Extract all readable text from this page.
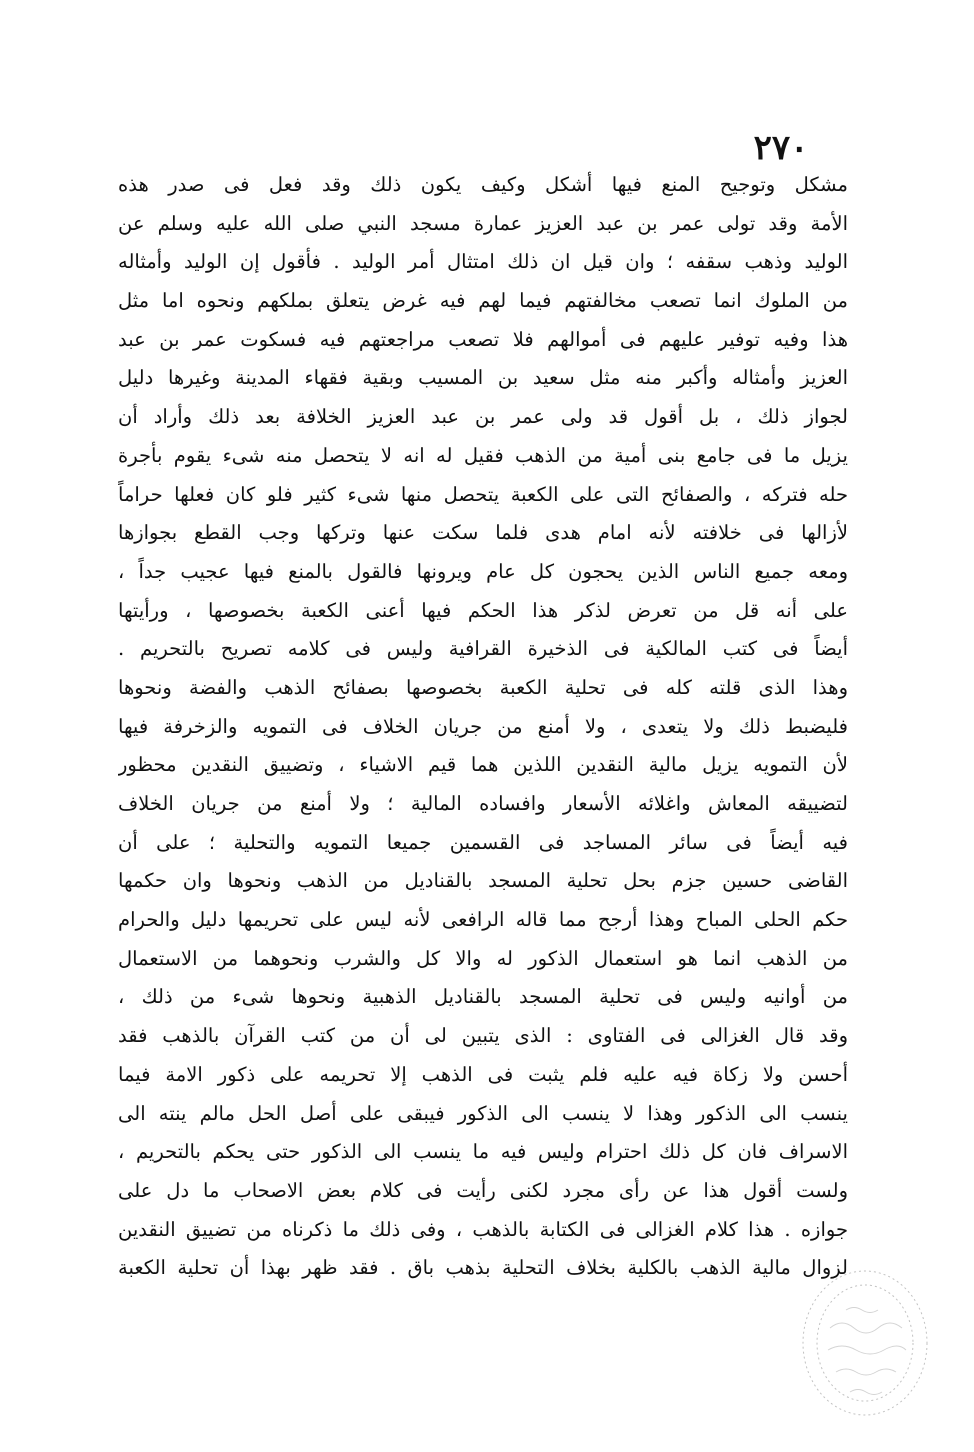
٢٧٠
مشكل وتوجيح المنع فيها أشكل وكيف يكون ذلك وقد فعل فى صدر هذه
الأمة وقد تولى عمر بن عبد العزيز عمارة مسجد النبي صلى الله عليه وسلم عن
الوليد وذهب سقفه ؛ وان قيل ان ذلك امتثال أمر الوليد . فأقول إن الوليد وأمثاله
من الملوك انما تصعب مخالفتهم فيما لهم فيه غرض يتعلق بملكهم ونحوه اما مثل
هذا وفيه توفير عليهم فى أموالهم فلا تصعب مراجعتهم فيه فسكوت عمر بن عبد
العزيز وأمثاله وأكبر منه مثل سعيد بن المسيب وبقية فقهاء المدينة وغيرها دليل
لجواز ذلك ، بل أقول قد ولى عمر بن عبد العزيز الخلافة بعد ذلك وأراد أن
يزيل ما فى جامع بنى أمية من الذهب فقيل له انه لا يتحصل منه شىء يقوم بأجرة
حله فتركه ، والصفائح التى على الكعبة يتحصل منها شىء كثير فلو كان فعلها حراماً
لأزالها فى خلافته لأنه امام هدى فلما سكت عنها وتركها وجب القطع بجوازها
ومعه جميع الناس الذين يحجون كل عام ويرونها فالقول بالمنع فيها عجيب جداً ،
على أنه قل من تعرض لذكر هذا الحكم فيها أعنى الكعبة بخصوصها ، ورأيتها
أيضاً فى كتب المالكية فى الذخيرة القرافية وليس فى كلامه تصريح بالتحريم .
وهذا الذى قلته كله فى تحلية الكعبة بخصوصها بصفائح الذهب والفضة ونحوها
فليضبط ذلك ولا يتعدى ، ولا أمنع من جريان الخلاف فى التمويه والزخرفة فيها
لأن التمويه يزيل مالية النقدين اللذين هما قيم الاشياء ، وتضييق النقدين محظور
لتضييقه المعاش واغلائه الأسعار وافساده المالية ؛ ولا أمنع من جريان الخلاف
فيه أيضاً فى سائر المساجد فى القسمين جميعا التمويه والتحلية ؛ على أن
القاضى حسين جزم بحل تحلية المسجد بالقناديل من الذهب ونحوها وان حكمها
حكم الحلى المباح وهذا أرجح مما قاله الرافعى لأنه ليس على تحريمها دليل والحرام
من الذهب انما هو استعمال الذكور له والا كل والشرب ونحوهما من الاستعمال
من أوانيه وليس فى تحلية المسجد بالقناديل الذهبية ونحوها شىء من ذلك ،
وقد قال الغزالى فى الفتاوى : الذى يتبين لى أن من كتب القرآن بالذهب فقد
أحسن ولا زكاة فيه عليه فلم يثبت فى الذهب إلا تحريمه على ذكور الامة فيما
ينسب الى الذكور وهذا لا ينسب الى الذكور فيبقى على أصل الحل مالم ينته الى
الاسراف فان كل ذلك احترام وليس فيه ما ينسب الى الذكور حتى يحكم بالتحريم ،
ولست أقول هذا عن رأى مجرد لكنى رأيت فى كلام بعض الاصحاب ما دل على
جوازه . هذا كلام الغزالى فى الكتابة بالذهب ، وفى ذلك ما ذكرناه من تضييق النقدين
لزوال مالية الذهب بالكلية بخلاف التحلية بذهب باق . فقد ظهر بهذا أن تحلية الكعبة
